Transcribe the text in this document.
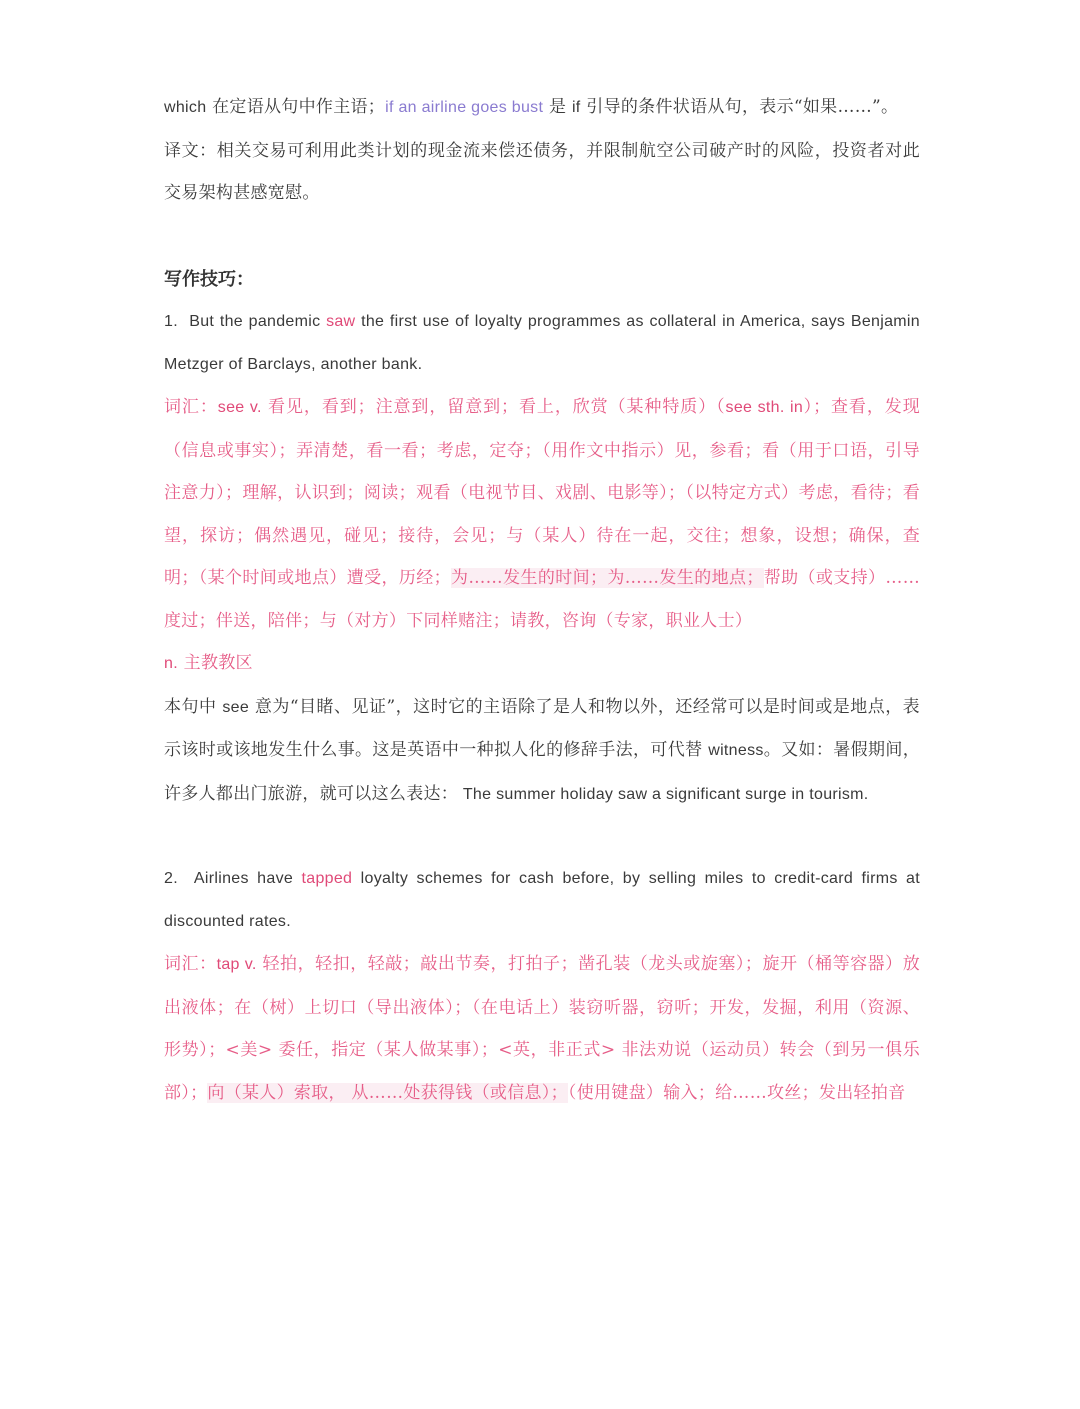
which 在定语从句中作主语；if an airline goes bust 是 if 引导的条件状语从句，表示“如果……”。

译文：相关交易可利用此类计划的现金流来偿还债务，并限制航空公司破产时的风险，投资者对此交易架构甚感宽慰。

写作技巧：

1. But the pandemic saw the first use of loyalty programmes as collateral in America, says Benjamin Metzger of Barclays, another bank.

词汇：see v. 看见，看到；注意到，留意到；看上，欣赏（某种特质）（see sth. in）；查看，发现（信息或事实）；弄清楚，看一看；考虑，定夺；（用作文中指示）见，参看；看（用于口语，引导注意力）；理解，认识到；阅读；观看（电视节目、戏剧、电影等）；（以特定方式）考虑，看待；看望，探访；偶然遇见，碰见；接待，会见；与（某人）待在一起，交往；想象，设想；确保，查明；（某个时间或地点）遭受，历经；为……发生的时间；为……发生的地点；帮助（或支持）……度过；伴送，陪伴；与（对方）下同样赌注；请教，咨询（专家，职业人士）

n. 主教教区

本句中 see 意为“目睹、见证”，这时它的主语除了是人和物以外，还经常可以是时间或是地点，表示该时或该地发生什么事。这是英语中一种拟人化的修辞手法，可代替 witness。又如：暑假期间，许多人都出门旅游，就可以这么表达： The summer holiday saw a significant surge in tourism.

2. Airlines have tapped loyalty schemes for cash before, by selling miles to credit-card firms at discounted rates.

词汇：tap v. 轻拍，轻扣，轻敲；敲出节奏，打拍子；凿孔装（龙头或旋塞）；旋开（桶等容器）放出液体；在（树）上切口（导出液体）；（在电话上）装窃听器，窃听；开发，发掘，利用（资源、形势）；<美> 委任，指定（某人做某事）；<英，非正式> 非法劝说（运动员）转会（到另一俱乐部）；向（某人）索取， 从……处获得钱（或信息）；（使用键盘）输入；给……攻丝；发出轻拍音
